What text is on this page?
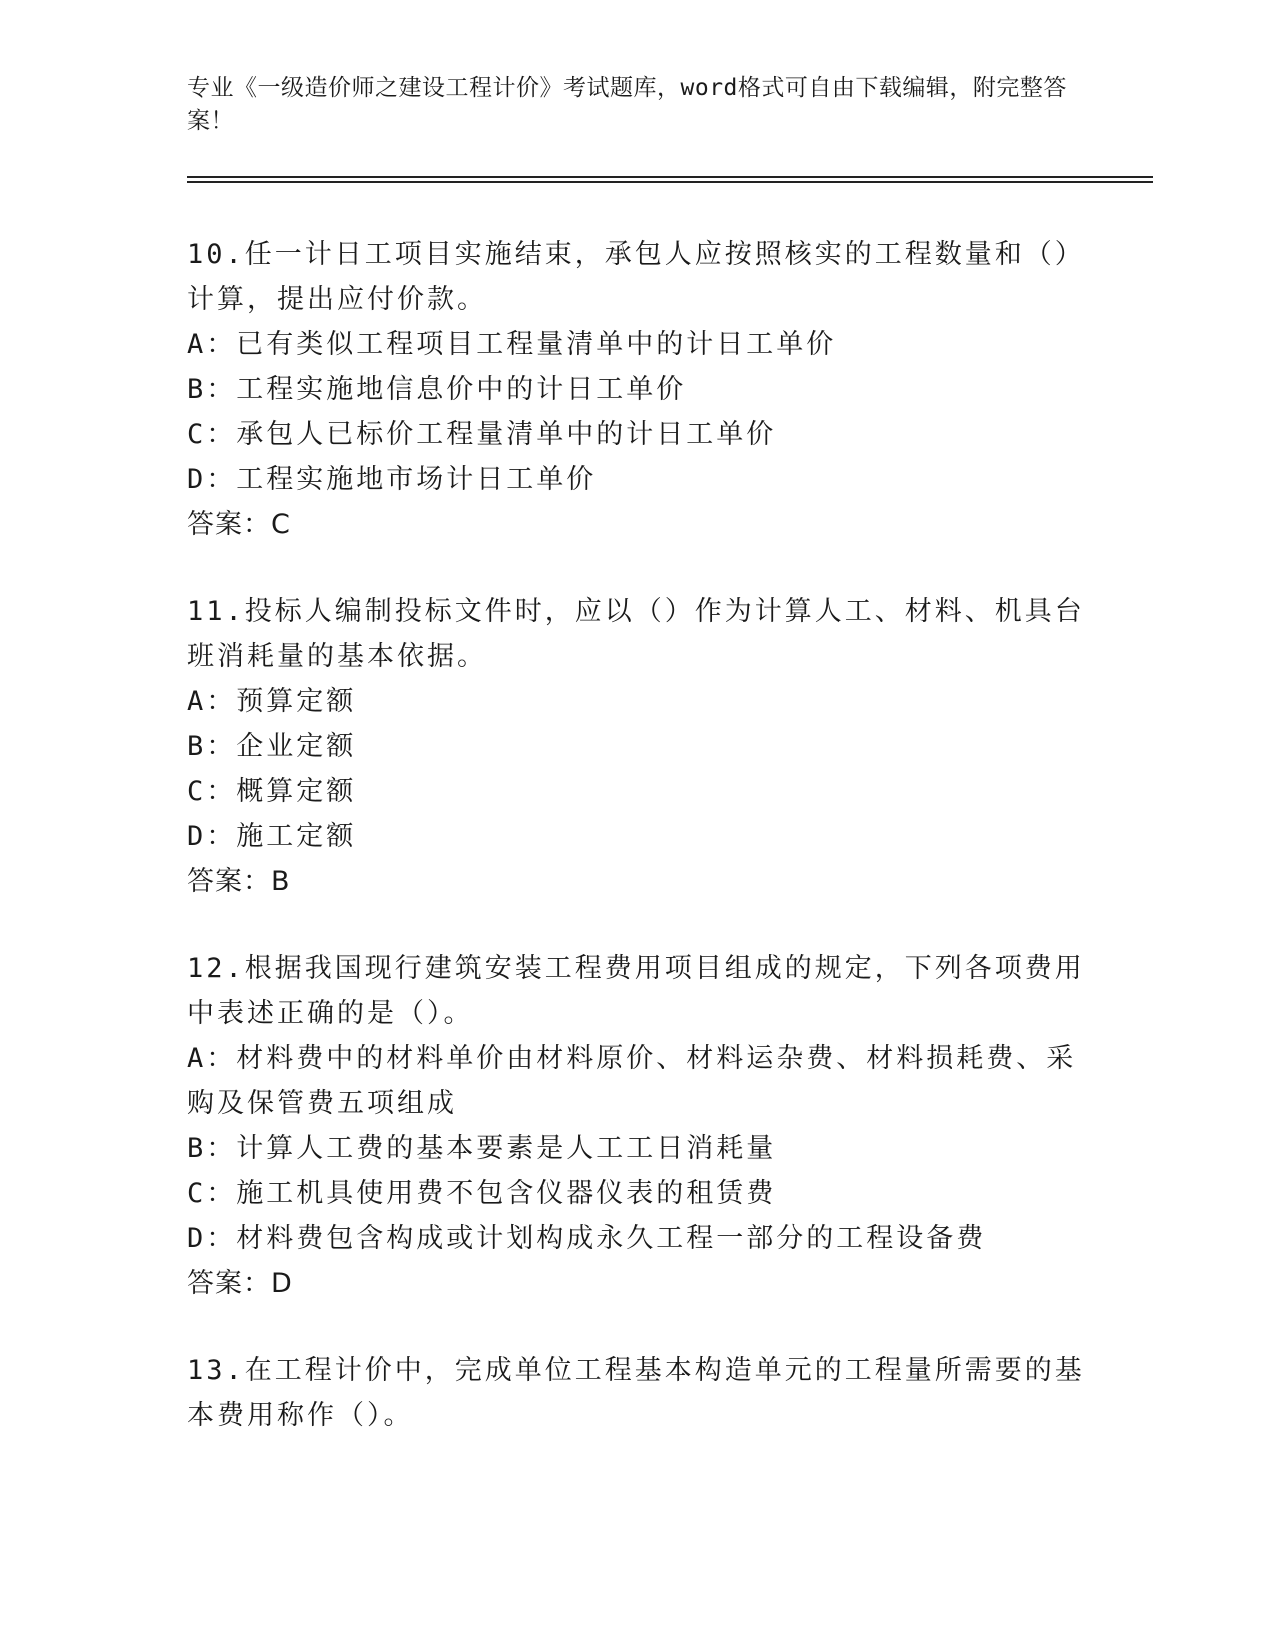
专业《一级造价师之建设工程计价》考试题库，word格式可自由下载编辑，附完整答案！
10.任一计日工项目实施结束，承包人应按照核实的工程数量和（）计算，提出应付价款。
A：已有类似工程项目工程量清单中的计日工单价
B：工程实施地信息价中的计日工单价
C：承包人已标价工程量清单中的计日工单价
D：工程实施地市场计日工单价
答案：C
11.投标人编制投标文件时，应以（）作为计算人工、材料、机具台班消耗量的基本依据。
A：预算定额
B：企业定额
C：概算定额
D：施工定额
答案：B
12.根据我国现行建筑安装工程费用项目组成的规定，下列各项费用中表述正确的是（）。
A：材料费中的材料单价由材料原价、材料运杂费、材料损耗费、采购及保管费五项组成
B：计算人工费的基本要素是人工工日消耗量
C：施工机具使用费不包含仪器仪表的租赁费
D：材料费包含构成或计划构成永久工程一部分的工程设备费
答案：D
13.在工程计价中，完成单位工程基本构造单元的工程量所需要的基本费用称作（）。
